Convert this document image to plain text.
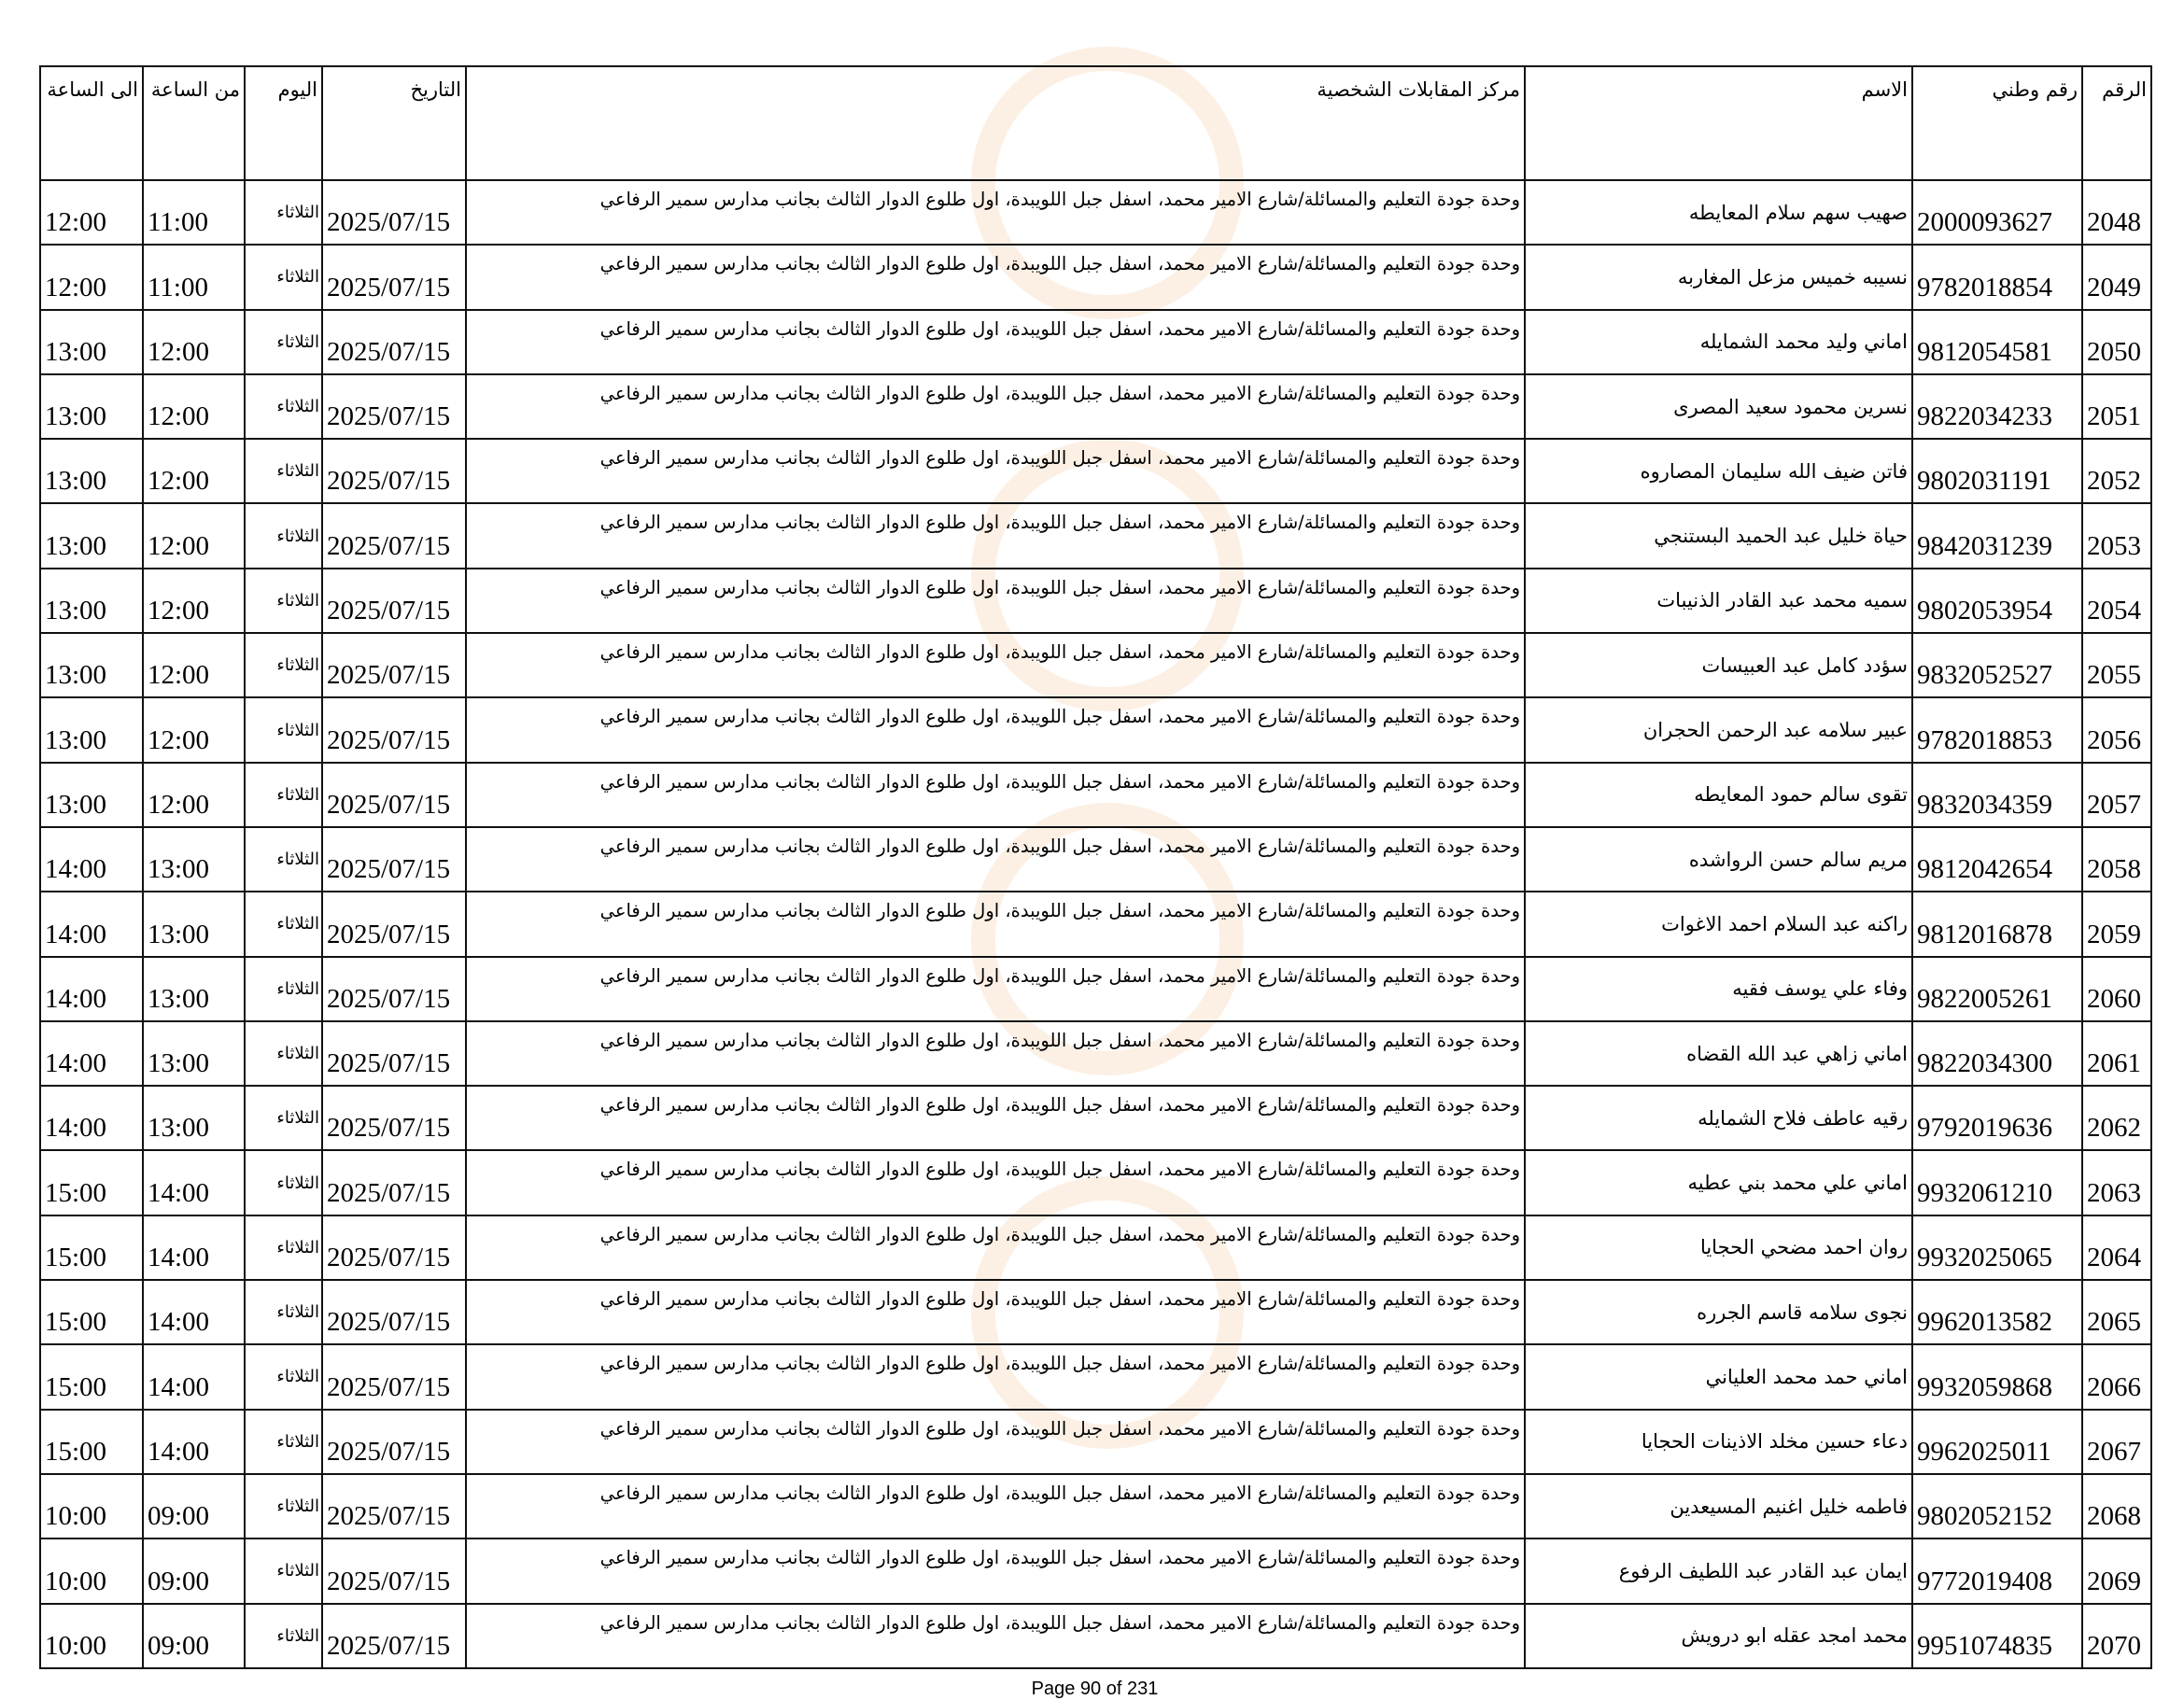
الرقم	رقم وطني	الاسم	مركز المقابلات الشخصية	التاريخ	اليوم	من الساعة	الى الساعة
2048	2000093627	صهيب سهم سلام المعايطه	وحدة جودة التعليم والمسائلة/شارع الامير محمد، اسفل جبل اللويبدة، اول طلوع الدوار الثالث بجانب مدارس سمير الرفاعي	2025/07/15	الثلاثاء	11:00	12:00
2049	9782018854	نسيبه خميس مزعل المغاربه	وحدة جودة التعليم والمسائلة/شارع الامير محمد، اسفل جبل اللويبدة، اول طلوع الدوار الثالث بجانب مدارس سمير الرفاعي	2025/07/15	الثلاثاء	11:00	12:00
2050	9812054581	اماني وليد محمد الشمايله	وحدة جودة التعليم والمسائلة/شارع الامير محمد، اسفل جبل اللويبدة، اول طلوع الدوار الثالث بجانب مدارس سمير الرفاعي	2025/07/15	الثلاثاء	12:00	13:00
2051	9822034233	نسرين محمود سعيد المصرى	وحدة جودة التعليم والمسائلة/شارع الامير محمد، اسفل جبل اللويبدة، اول طلوع الدوار الثالث بجانب مدارس سمير الرفاعي	2025/07/15	الثلاثاء	12:00	13:00
2052	9802031191	فاتن ضيف الله سليمان المصاروه	وحدة جودة التعليم والمسائلة/شارع الامير محمد، اسفل جبل اللويبدة، اول طلوع الدوار الثالث بجانب مدارس سمير الرفاعي	2025/07/15	الثلاثاء	12:00	13:00
2053	9842031239	حياة خليل عبد الحميد البستنجي	وحدة جودة التعليم والمسائلة/شارع الامير محمد، اسفل جبل اللويبدة، اول طلوع الدوار الثالث بجانب مدارس سمير الرفاعي	2025/07/15	الثلاثاء	12:00	13:00
2054	9802053954	سميه محمد عبد القادر الذنيبات	وحدة جودة التعليم والمسائلة/شارع الامير محمد، اسفل جبل اللويبدة، اول طلوع الدوار الثالث بجانب مدارس سمير الرفاعي	2025/07/15	الثلاثاء	12:00	13:00
2055	9832052527	سؤدد كامل عبد العبيسات	وحدة جودة التعليم والمسائلة/شارع الامير محمد، اسفل جبل اللويبدة، اول طلوع الدوار الثالث بجانب مدارس سمير الرفاعي	2025/07/15	الثلاثاء	12:00	13:00
2056	9782018853	عبير سلامه عبد الرحمن الحجران	وحدة جودة التعليم والمسائلة/شارع الامير محمد، اسفل جبل اللويبدة، اول طلوع الدوار الثالث بجانب مدارس سمير الرفاعي	2025/07/15	الثلاثاء	12:00	13:00
2057	9832034359	تقوى سالم حمود المعايطه	وحدة جودة التعليم والمسائلة/شارع الامير محمد، اسفل جبل اللويبدة، اول طلوع الدوار الثالث بجانب مدارس سمير الرفاعي	2025/07/15	الثلاثاء	12:00	13:00
2058	9812042654	مريم سالم حسن الرواشده	وحدة جودة التعليم والمسائلة/شارع الامير محمد، اسفل جبل اللويبدة، اول طلوع الدوار الثالث بجانب مدارس سمير الرفاعي	2025/07/15	الثلاثاء	13:00	14:00
2059	9812016878	راكنه عبد السلام احمد الاغوات	وحدة جودة التعليم والمسائلة/شارع الامير محمد، اسفل جبل اللويبدة، اول طلوع الدوار الثالث بجانب مدارس سمير الرفاعي	2025/07/15	الثلاثاء	13:00	14:00
2060	9822005261	وفاء علي يوسف فقيه	وحدة جودة التعليم والمسائلة/شارع الامير محمد، اسفل جبل اللويبدة، اول طلوع الدوار الثالث بجانب مدارس سمير الرفاعي	2025/07/15	الثلاثاء	13:00	14:00
2061	9822034300	اماني زاهي عبد الله القضاه	وحدة جودة التعليم والمسائلة/شارع الامير محمد، اسفل جبل اللويبدة، اول طلوع الدوار الثالث بجانب مدارس سمير الرفاعي	2025/07/15	الثلاثاء	13:00	14:00
2062	9792019636	رقيه عاطف فلاح الشمايله	وحدة جودة التعليم والمسائلة/شارع الامير محمد، اسفل جبل اللويبدة، اول طلوع الدوار الثالث بجانب مدارس سمير الرفاعي	2025/07/15	الثلاثاء	13:00	14:00
2063	9932061210	اماني علي محمد بني عطيه	وحدة جودة التعليم والمسائلة/شارع الامير محمد، اسفل جبل اللويبدة، اول طلوع الدوار الثالث بجانب مدارس سمير الرفاعي	2025/07/15	الثلاثاء	14:00	15:00
2064	9932025065	روان احمد مضحي الحجايا	وحدة جودة التعليم والمسائلة/شارع الامير محمد، اسفل جبل اللويبدة، اول طلوع الدوار الثالث بجانب مدارس سمير الرفاعي	2025/07/15	الثلاثاء	14:00	15:00
2065	9962013582	نجوى سلامه قاسم الجرره	وحدة جودة التعليم والمسائلة/شارع الامير محمد، اسفل جبل اللويبدة، اول طلوع الدوار الثالث بجانب مدارس سمير الرفاعي	2025/07/15	الثلاثاء	14:00	15:00
2066	9932059868	اماني حمد محمد العلياني	وحدة جودة التعليم والمسائلة/شارع الامير محمد، اسفل جبل اللويبدة، اول طلوع الدوار الثالث بجانب مدارس سمير الرفاعي	2025/07/15	الثلاثاء	14:00	15:00
2067	9962025011	دعاء حسين مخلد الاذينات الحجايا	وحدة جودة التعليم والمسائلة/شارع الامير محمد، اسفل جبل اللويبدة، اول طلوع الدوار الثالث بجانب مدارس سمير الرفاعي	2025/07/15	الثلاثاء	14:00	15:00
2068	9802052152	فاطمه خليل اغنيم المسيعدين	وحدة جودة التعليم والمسائلة/شارع الامير محمد، اسفل جبل اللويبدة، اول طلوع الدوار الثالث بجانب مدارس سمير الرفاعي	2025/07/15	الثلاثاء	09:00	10:00
2069	9772019408	ايمان عبد القادر عبد اللطيف الرفوع	وحدة جودة التعليم والمسائلة/شارع الامير محمد، اسفل جبل اللويبدة، اول طلوع الدوار الثالث بجانب مدارس سمير الرفاعي	2025/07/15	الثلاثاء	09:00	10:00
2070	9951074835	محمد امجد عقله ابو درويش	وحدة جودة التعليم والمسائلة/شارع الامير محمد، اسفل جبل اللويبدة، اول طلوع الدوار الثالث بجانب مدارس سمير الرفاعي	2025/07/15	الثلاثاء	09:00	10:00
Page 90 of 231
